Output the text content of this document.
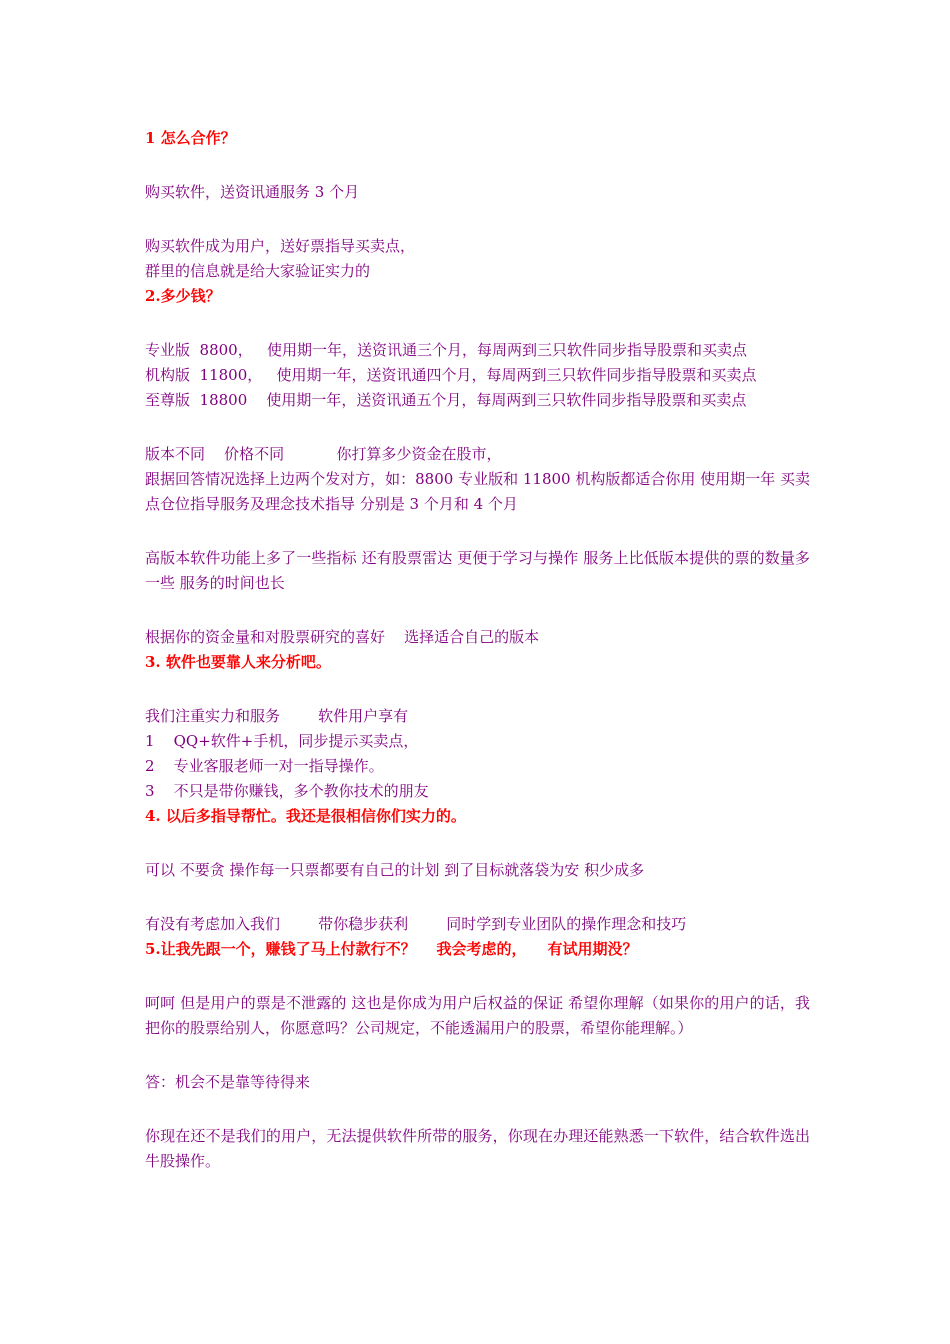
1 怎么合作？
购买软件，送资讯通服务 3 个月
购买软件成为用户，送好票指导买卖点，
群里的信息就是给大家验证实力的
2.多少钱？
专业版  8800，   使用期一年，送资讯通三个月，每周两到三只软件同步指导股票和买卖点
机构版  11800，   使用期一年，送资讯通四个月，每周两到三只软件同步指导股票和买卖点
至尊版  18800    使用期一年，送资讯通五个月，每周两到三只软件同步指导股票和买卖点
版本不同    价格不同           你打算多少资金在股市，
跟据回答情况选择上边两个发对方，如：8800 专业版和 11800 机构版都适合你用 使用期一年 买卖点仓位指导服务及理念技术指导 分别是 3 个月和 4 个月
高版本软件功能上多了一些指标 还有股票雷达 更便于学习与操作 服务上比低版本提供的票的数量多一些 服务的时间也长
根据你的资金量和对股票研究的喜好    选择适合自己的版本
3. 软件也要靠人来分析吧。
我们注重实力和服务        软件用户享有
1    QQ+软件+手机，同步提示买卖点，
2    专业客服老师一对一指导操作。
3    不只是带你赚钱，多个教你技术的朋友
4. 以后多指导帮忙。我还是很相信你们实力的。
可以 不要贪 操作每一只票都要有自己的计划 到了目标就落袋为安 积少成多
有没有考虑加入我们        带你稳步获利        同时学到专业团队的操作理念和技巧
5.让我先跟一个，赚钱了马上付款行不？    我会考虑的，    有试用期没？
呵呵 但是用户的票是不泄露的 这也是你成为用户后权益的保证 希望你理解（如果你的用户的话，我把你的股票给别人，你愿意吗？公司规定，不能透漏用户的股票，希望你能理解。）
答：机会不是靠等待得来
你现在还不是我们的用户，无法提供软件所带的服务，你现在办理还能熟悉一下软件，结合软件选出牛股操作。
